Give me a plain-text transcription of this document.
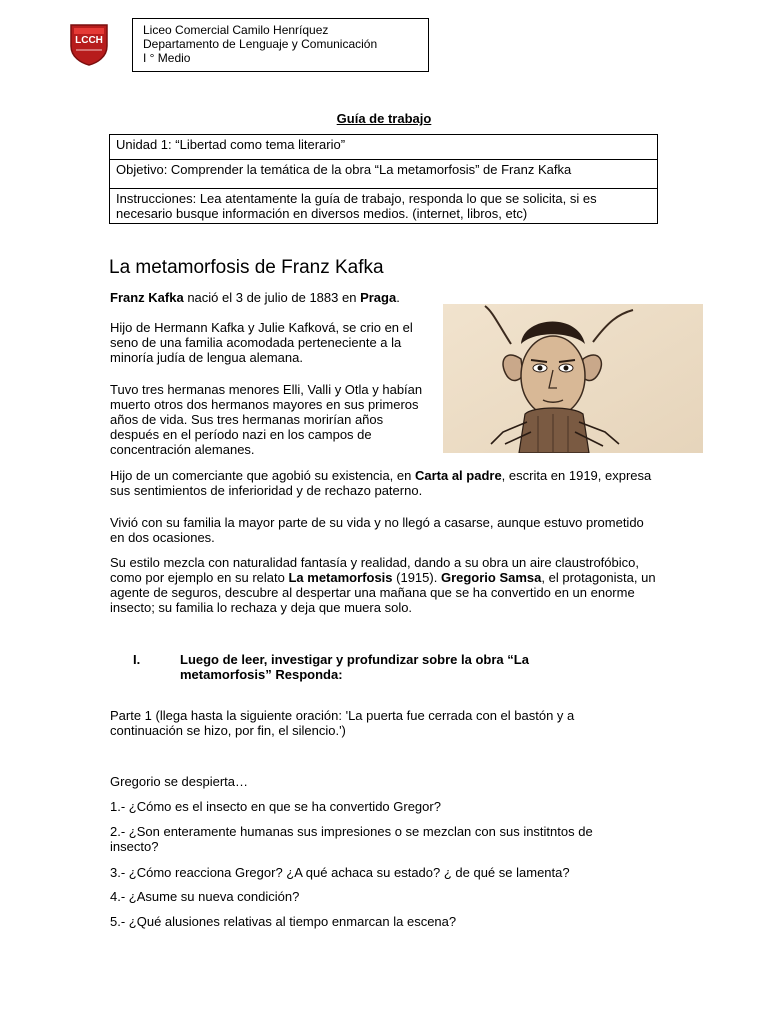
LCCH
Liceo Comercial Camilo Henríquez
Departamento de Lenguaje y Comunicación
I ° Medio
Guía de trabajo
Unidad 1: “Libertad como tema literario”
Objetivo: Comprender la temática de la obra “La metamorfosis” de Franz Kafka
Instrucciones: Lea atentamente la guía de trabajo, responda lo que se solicita, si es necesario busque información en diversos medios. (internet, libros, etc)
La metamorfosis de Franz Kafka
Franz Kafka nació el 3 de julio de 1883 en Praga.
Hijo de Hermann Kafka y Julie Kafková, se crio en el seno de una familia acomodada perteneciente a la minoría judía de lengua alemana.
Tuvo tres hermanas menores Elli, Valli y Otla y habían muerto otros dos hermanos mayores en sus primeros años de vida. Sus tres hermanas morirían años después en el período nazi en los campos de concentración alemanes.
Hijo de un comerciante que agobió su existencia, en Carta al padre, escrita en 1919, expresa sus sentimientos de inferioridad y de rechazo paterno.
Vivió con su familia la mayor parte de su vida y no llegó a casarse, aunque estuvo prometido en dos ocasiones.
Su estilo mezcla con naturalidad fantasía y realidad, dando a su obra un aire claustrofóbico, como por ejemplo en su relato La metamorfosis (1915). Gregorio Samsa, el protagonista, un agente de seguros, descubre al despertar una mañana que se ha convertido en un enorme insecto; su familia lo rechaza y deja que muera solo.
I.	Luego de leer, investigar y profundizar sobre la obra “La metamorfosis” Responda:
Parte 1 (llega hasta la siguiente oración: 'La puerta fue cerrada con el bastón y a continuación se hizo, por fin, el silencio.')
Gregorio se despierta…
1.- ¿Cómo es el insecto en que se ha convertido Gregor?
2.- ¿Son enteramente humanas sus impresiones o se mezclan con sus institntos de insecto?
3.- ¿Cómo reacciona Gregor? ¿A qué achaca su estado? ¿ de qué se lamenta?
4.- ¿Asume su nueva condición?
5.- ¿Qué alusiones relativas al tiempo enmarcan la escena?
